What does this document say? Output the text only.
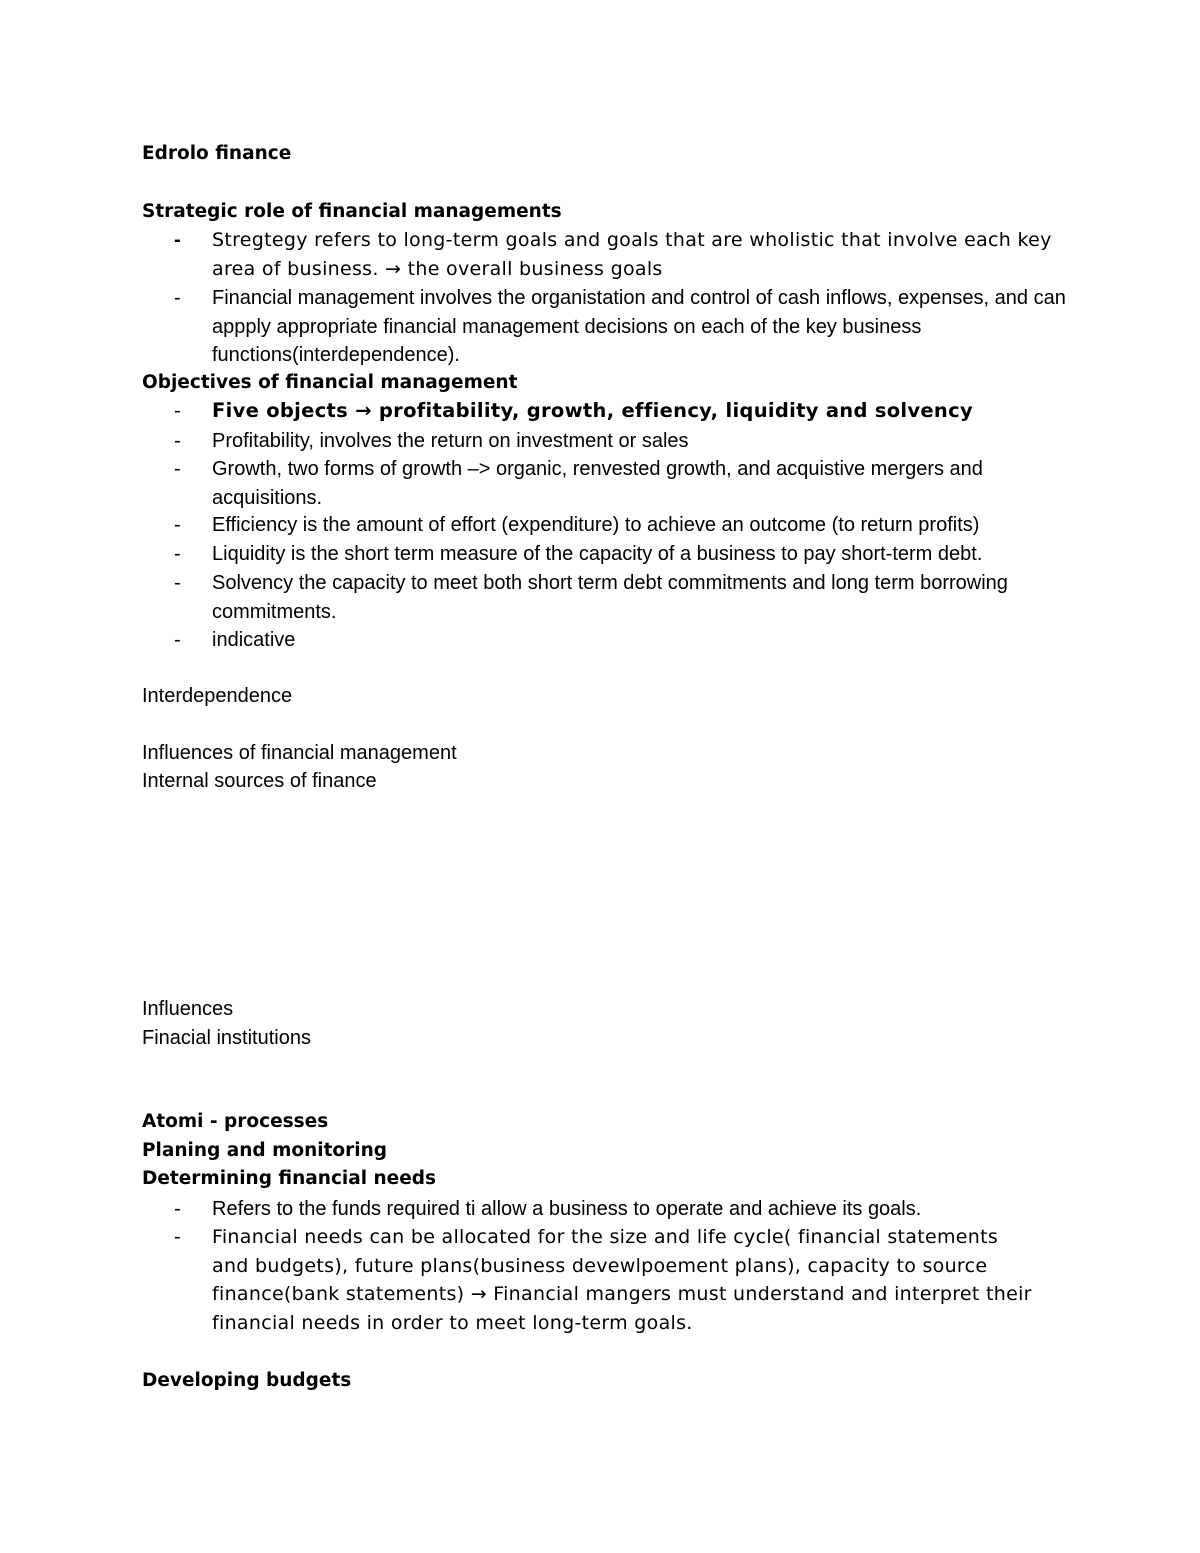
Edrolo finance
Strategic role of financial managements
- Stregtegy refers to long-term goals and goals that are wholistic that involve each key area of business. → the overall business goals
- Financial management involves the organistation and control of cash inflows, expenses, and can appply appropriate financial management decisions on each of the key business functions(interdependence).
Objectives of financial management
- Five objects → profitability, growth, effiency, liquidity and solvency
- Profitability, involves the return on investment or sales
- Growth, two forms of growth –> organic, renvested growth, and acquistive mergers and acquisitions.
- Efficiency is the amount of effort (expenditure) to achieve an outcome (to return profits)
- Liquidity is the short term measure of the capacity of a business to pay short-term debt.
- Solvency the capacity to meet both short term debt commitments and long term borrowing commitments.
- indicative
Interdependence
Influences of financial management
Internal sources of finance
Influences
Finacial institutions
Atomi - processes
Planing and monitoring
Determining financial needs
- Refers to the funds required ti allow a business to operate and achieve its goals.
- Financial needs can be allocated for the size and life cycle( financial statements and budgets), future plans(business devewlpoement plans), capacity to source finance(bank statements) → Financial mangers must understand and interpret their financial needs in order to meet long-term goals.
Developing budgets
